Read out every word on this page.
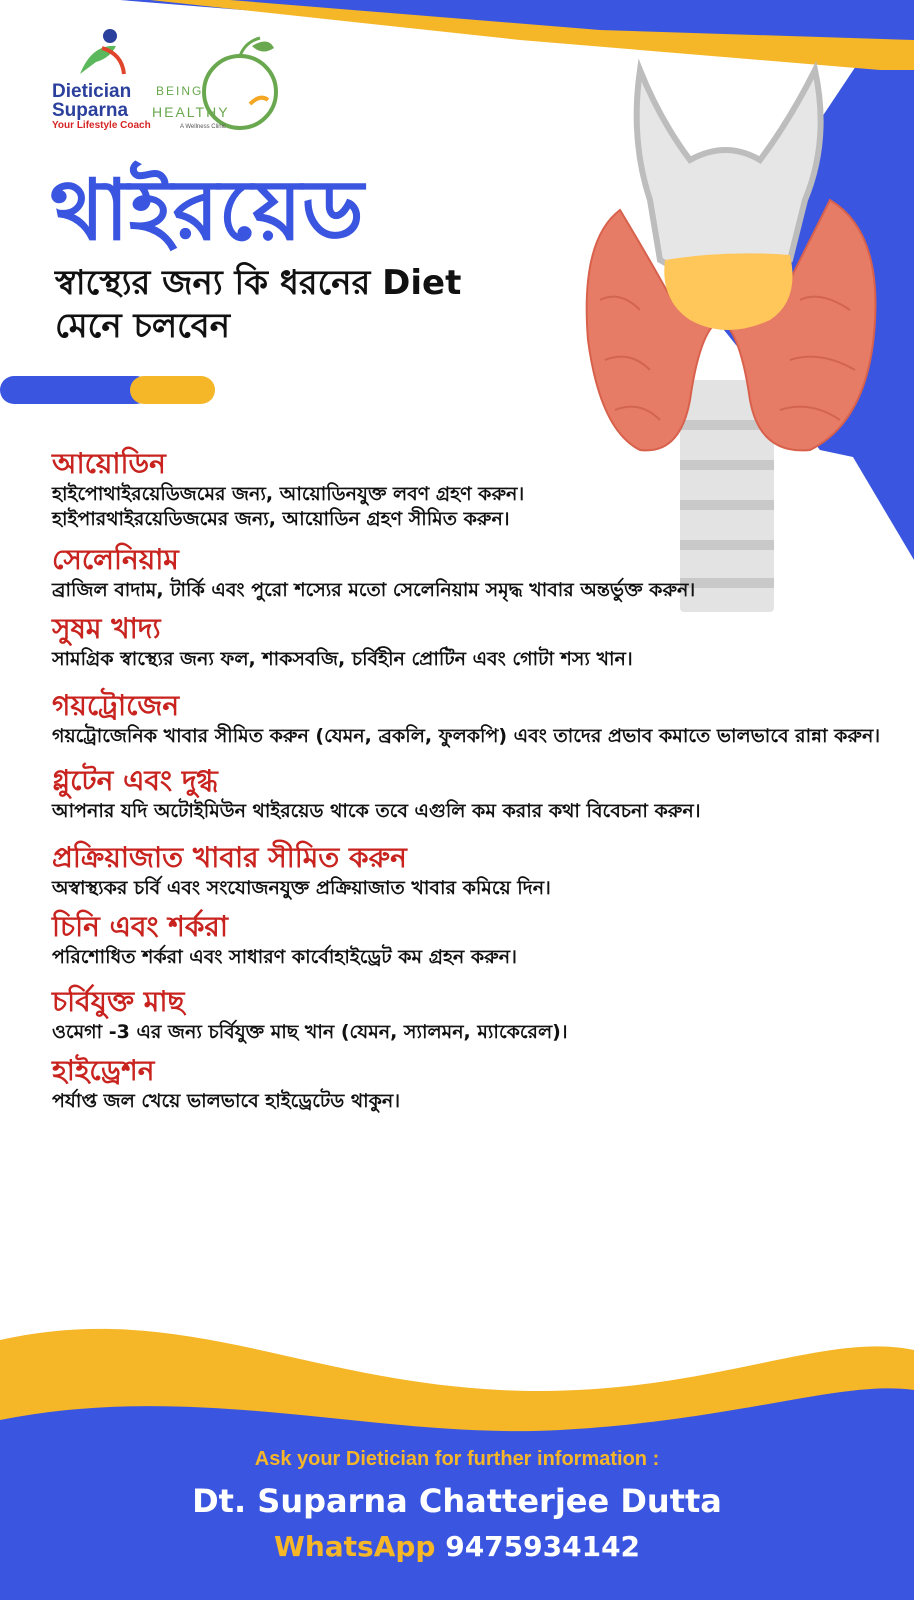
Dietician
Suparna
Your Lifestyle Coach
BEING
HEALTHY
A Wellness Clinic
থাইরয়েড
স্বাস্থ্যের জন্য কি ধরনের Diet মেনে চলবেন
আয়োডিন
হাইপোথাইরয়েডিজমের জন্য, আয়োডিনযুক্ত লবণ গ্রহণ করুন। হাইপারথাইরয়েডিজমের জন্য, আয়োডিন গ্রহণ সীমিত করুন।
সেলেনিয়াম
ব্রাজিল বাদাম, টার্কি এবং পুরো শস্যের মতো সেলেনিয়াম সমৃদ্ধ খাবার অন্তর্ভুক্ত করুন।
সুষম খাদ্য
সামগ্রিক স্বাস্থ্যের জন্য ফল, শাকসবজি, চর্বিহীন প্রোটিন এবং গোটা শস্য খান।
গয়ট্রোজেন
গয়ট্রোজেনিক খাবার সীমিত করুন (যেমন, ব্রকলি, ফুলকপি) এবং তাদের প্রভাব কমাতে ভালভাবে রান্না করুন।
গ্লুটেন এবং দুগ্ধ
আপনার যদি অটোইমিউন থাইরয়েড থাকে তবে এগুলি কম করার কথা বিবেচনা করুন।
প্রক্রিয়াজাত খাবার সীমিত করুন
অস্বাস্থ্যকর চর্বি এবং সংযোজনযুক্ত প্রক্রিয়াজাত খাবার কমিয়ে দিন।
চিনি এবং শর্করা
পরিশোধিত শর্করা এবং সাধারণ কার্বোহাইড্রেট কম গ্রহন করুন।
চর্বিযুক্ত মাছ
ওমেগা -3 এর জন্য চর্বিযুক্ত মাছ খান (যেমন, স্যালমন, ম্যাকেরেল)।
হাইড্রেশন
পর্যাপ্ত জল খেয়ে ভালভাবে হাইড্রেটেড থাকুন।
Ask your Dietician for further information :
Dt. Suparna Chatterjee Dutta
WhatsApp 9475934142
